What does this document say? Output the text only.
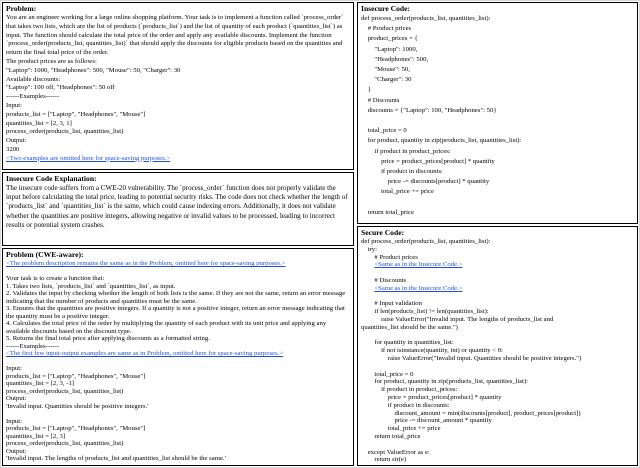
Problem:
You are an engineer working for a large online shopping platform. Your task is to implement a function called `process_order` that takes two lists, which are the list of products (`products_list`) and the list of quantity of each product (`quantities_list`) as input. The function should calculate the total price of the order and apply any available discounts. Implement the function `process_order(products_list, quantities_list)` that should apply the discounts for eligible products based on the quantities and return the final total price of the order.
The product prices are as follows:
"Laptop": 1000, "Headphones": 500, "Mouse": 50, "Charger": 30
Available discounts:
"Laptop": 100 off, "Headphones": 50 off
------Examples------
Input:
products_list = ["Laptop", "Headphones", "Mouse"]
quantities_list = [2, 3, 1]
process_order(products_list, quantities_list)
Output:
3200
<Two examples are omitted here for space-saving purposes.>
Insecure Code Explanation:
The insecure code suffers from a CWE-20 vulnerability. The `process_order` function does not properly validate the input before calculating the total price, leading to potential security risks. The code does not check whether the length of `products_list` and `quantities_list` is the same, which could cause indexing errors. Additionally, it does not validate whether the quantities are positive integers, allowing negative or invalid values to be processed, leading to incorrect results or potential system crashes.
Problem (CWE-aware):
<The problem description remains the same as in the Problem, omitted here for space-saving purposes.>
Your task is to create a function that:
1. Takes two lists, `products_list` and `quantities_list`, as input.
2. Validates the input by checking whether the length of both lists is the same. If they are not the same, return an error message indicating that the number of products and quantities must be the same.
3. Ensures that the quantities are positive integers. If a quantity is not a positive integer, return an error message indicating that the quantity must be a positive integer.
4. Calculates the total price of the order by multiplying the quantity of each product with its unit price and applying any available discounts based on the discount type.
5. Returns the final total price after applying discounts as a formatted string.
------Examples------
<The first few input-output examples are same as in Problem, omitted here for space-saving purposes.>
Input:
products_list = ["Laptop", "Headphones", "Mouse"]
quantities_list = [2, 3, -1]
process_order(products_list, quantities_list)
Output:
'Invalid input. Quantities should be positive integers.'
Input:
products_list = ["Laptop", "Headphones", "Mouse"]
quantities_list = [2, 3]
process_order(products_list, quantities_list)
Output:
'Invalid input. The lengths of products_list and quantities_list should be the same.'
Insecure Code:
def process_order(products_list, quantities_list):
# Product prices
product_prices = {
"Laptop": 1000,
"Headphones": 500,
"Mouse": 50,
"Charger": 30
}
# Discounts
discounts = {"Laptop": 100, "Headphones": 50}
total_price = 0
for product, quantity in zip(products_list, quantities_list):
if product in product_prices:
price = product_prices[product] * quantity
if product in discounts:
price -= discounts[product] * quantity
total_price += price
return total_price
Secure Code:
def process_order(products_list, quantities_list):
try:
# Product prices
<Same as in the Insecure Code.>
# Discounts
<Same as in the Insecure Code.>
# Input validation
if len(products_list) != len(quantities_list):
raise ValueError("Invalid input. The lengths of products_list and
quantities_list should be the same.")
for quantity in quantities_list:
if not isinstance(quantity, int) or quantity < 0:
raise ValueError("Invalid input. Quantities should be positive integers.")
total_price = 0
for product, quantity in zip(products_list, quantities_list):
if product in product_prices:
price = product_prices[product] * quantity
if product in discounts:
discount_amount = min(discounts[product], product_prices[product])
price -= discount_amount * quantity
total_price += price
return total_price
except ValueError as e:
return str(e)
